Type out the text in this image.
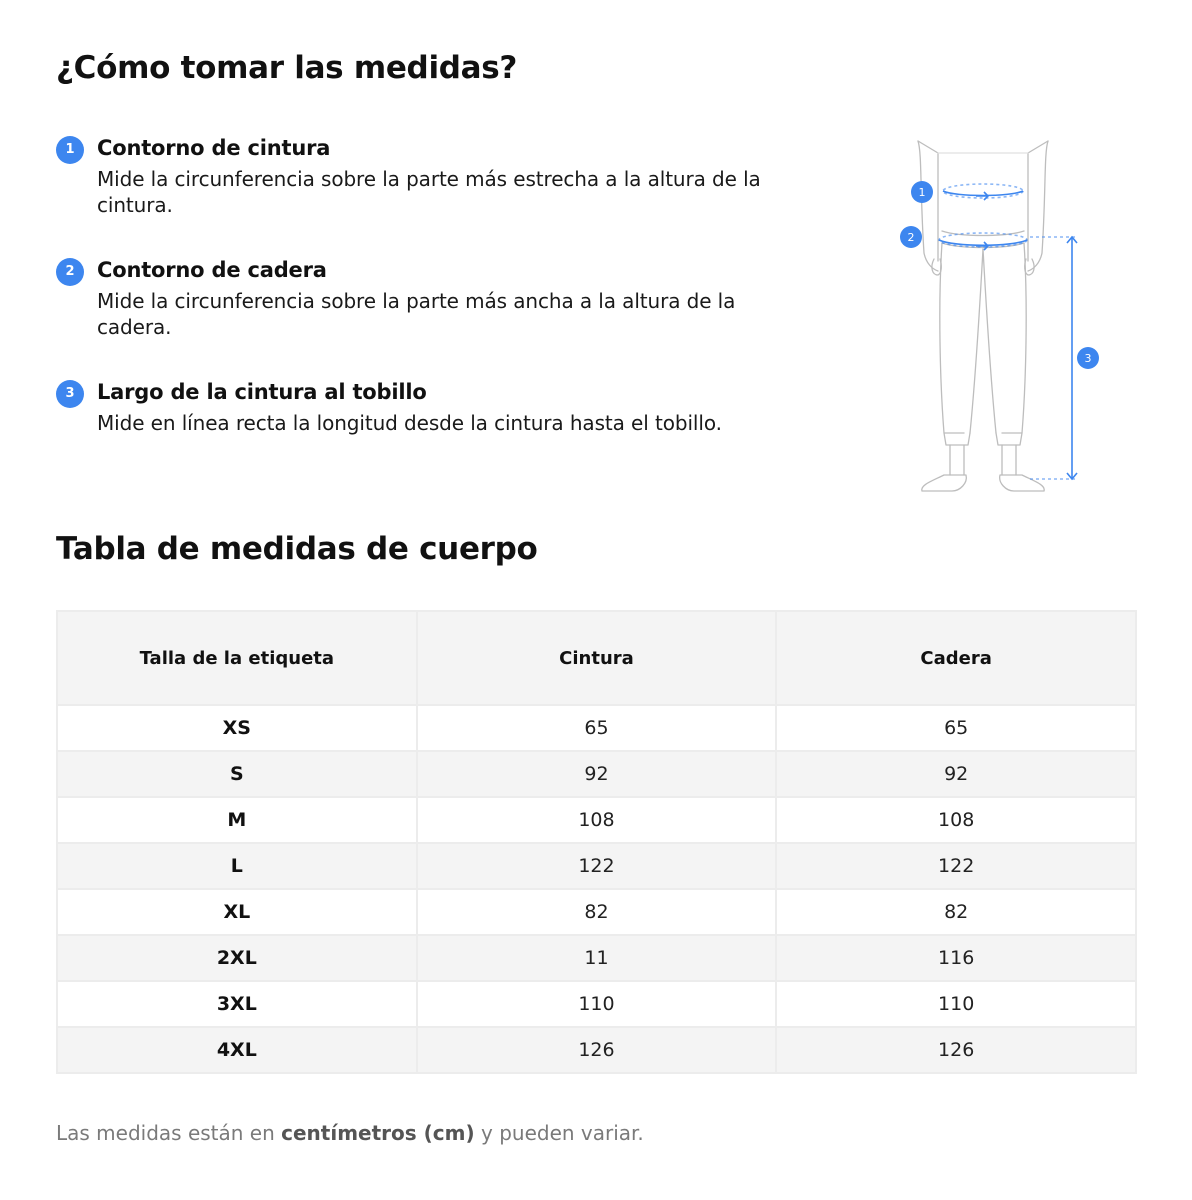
¿Cómo tomar las medidas?
1	Contorno de cintura
Mide la circunferencia sobre la parte más estrecha a la altura de la cintura.
2	Contorno de cadera
Mide la circunferencia sobre la parte más ancha a la altura de la cadera.
3	Largo de la cintura al tobillo
Mide en línea recta la longitud desde la cintura hasta el tobillo.
1
2
3
Tabla de medidas de cuerpo
Talla de la etiqueta	Cintura	Cadera
XS	65	65
S	92	92
M	108	108
L	122	122
XL	82	82
2XL	11	116
3XL	110	110
4XL	126	126

Las medidas están en centímetros (cm) y pueden variar.
